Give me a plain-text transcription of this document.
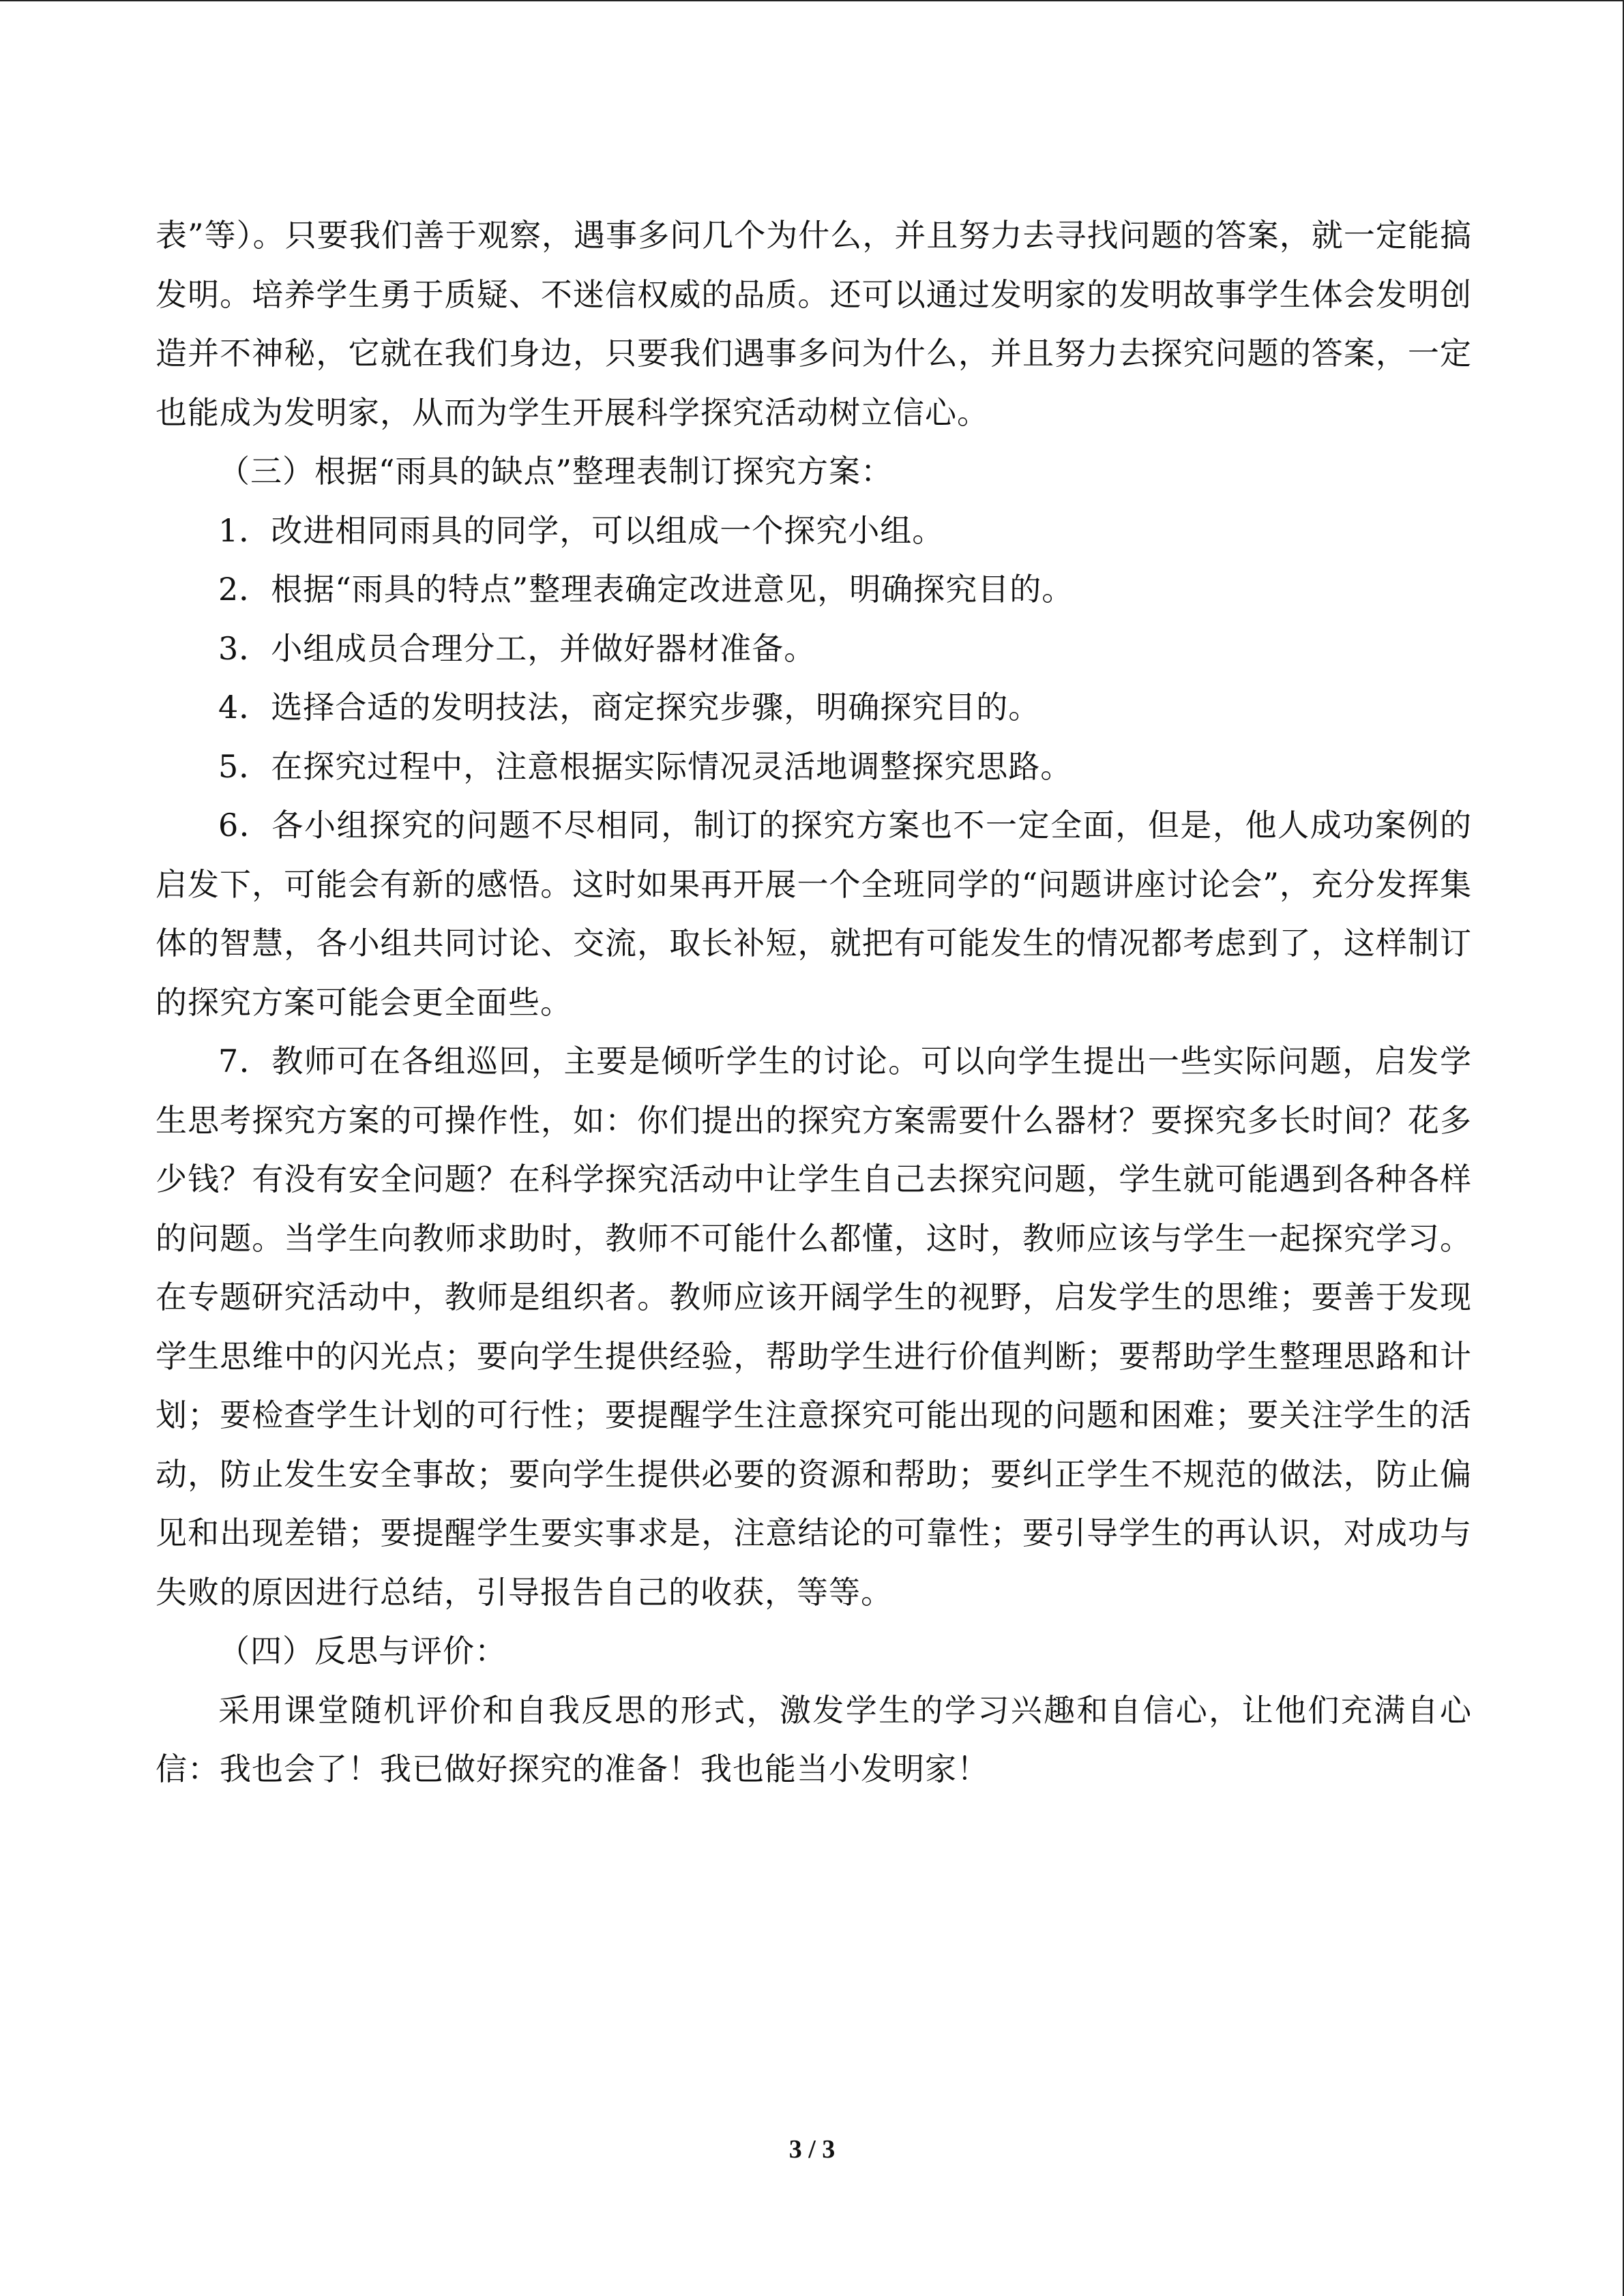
表”等）。只要我们善于观察，遇事多问几个为什么，并且努力去寻找问题的答案，就一定能搞发明。培养学生勇于质疑、不迷信权威的品质。还可以通过发明家的发明故事学生体会发明创造并不神秘，它就在我们身边，只要我们遇事多问为什么，并且努力去探究问题的答案，一定也能成为发明家，从而为学生开展科学探究活动树立信心。

（三）根据“雨具的缺点”整理表制订探究方案：

1．改进相同雨具的同学，可以组成一个探究小组。

2．根据“雨具的特点”整理表确定改进意见，明确探究目的。

3．小组成员合理分工，并做好器材准备。

4．选择合适的发明技法，商定探究步骤，明确探究目的。

5．在探究过程中，注意根据实际情况灵活地调整探究思路。

6．各小组探究的问题不尽相同，制订的探究方案也不一定全面，但是，他人成功案例的启发下，可能会有新的感悟。这时如果再开展一个全班同学的“问题讲座讨论会”，充分发挥集体的智慧，各小组共同讨论、交流，取长补短，就把有可能发生的情况都考虑到了，这样制订的探究方案可能会更全面些。

7．教师可在各组巡回，主要是倾听学生的讨论。可以向学生提出一些实际问题，启发学生思考探究方案的可操作性，如：你们提出的探究方案需要什么器材？要探究多长时间？花多少钱？有没有安全问题？在科学探究活动中让学生自己去探究问题，学生就可能遇到各种各样的问题。当学生向教师求助时，教师不可能什么都懂，这时，教师应该与学生一起探究学习。在专题研究活动中，教师是组织者。教师应该开阔学生的视野，启发学生的思维；要善于发现学生思维中的闪光点；要向学生提供经验，帮助学生进行价值判断；要帮助学生整理思路和计划；要检查学生计划的可行性；要提醒学生注意探究可能出现的问题和困难；要关注学生的活动，防止发生安全事故；要向学生提供必要的资源和帮助；要纠正学生不规范的做法，防止偏见和出现差错；要提醒学生要实事求是，注意结论的可靠性；要引导学生的再认识，对成功与失败的原因进行总结，引导报告自己的收获，等等。

（四）反思与评价：

采用课堂随机评价和自我反思的形式，激发学生的学习兴趣和自信心，让他们充满自心信：我也会了！我已做好探究的准备！我也能当小发明家！

3 / 3
